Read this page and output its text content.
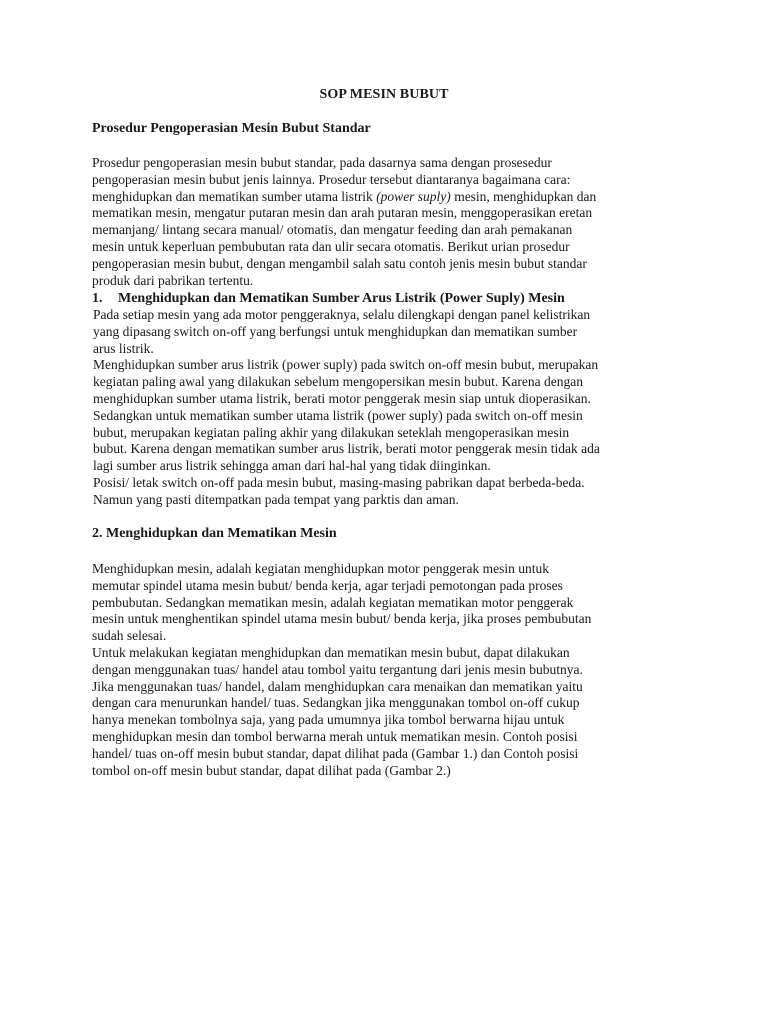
SOP MESIN BUBUT
Prosedur Pengoperasian Mesin Bubut Standar
Prosedur pengoperasian mesin bubut standar, pada dasarnya sama dengan prosesedur
pengoperasian mesin bubut jenis lainnya. Prosedur tersebut diantaranya bagaimana cara:
menghidupkan dan mematikan sumber utama listrik (power suply) mesin, menghidupkan dan
mematikan mesin, mengatur putaran mesin dan arah putaran mesin, menggoperasikan eretan
memanjang/ lintang secara manual/ otomatis, dan mengatur feeding dan arah pemakanan
mesin untuk keperluan pembubutan rata dan ulir secara otomatis. Berikut urian prosedur
pengoperasian mesin bubut, dengan mengambil salah satu contoh jenis mesin bubut standar
produk dari pabrikan tertentu.
1. Menghidupkan dan Mematikan Sumber Arus Listrik (Power Suply) Mesin
Pada setiap mesin yang ada motor penggeraknya, selalu dilengkapi dengan panel kelistrikan
yang dipasang switch on-off yang berfungsi untuk menghidupkan dan mematikan sumber
arus listrik.
Menghidupkan sumber arus listrik (power suply) pada switch on-off mesin bubut, merupakan
kegiatan paling awal yang dilakukan sebelum mengopersikan mesin bubut. Karena dengan
menghidupkan sumber utama listrik, berati motor penggerak mesin siap untuk dioperasikan.
Sedangkan untuk mematikan sumber utama listrik (power suply) pada switch on-off mesin
bubut, merupakan kegiatan paling akhir yang dilakukan seteklah mengoperasikan mesin
bubut. Karena dengan mematikan sumber arus listrik, berati motor penggerak mesin tidak ada
lagi sumber arus listrik sehingga aman dari hal-hal yang tidak diinginkan.
Posisi/ letak switch on-off pada mesin bubut, masing-masing pabrikan dapat berbeda-beda.
Namun yang pasti ditempatkan pada tempat yang parktis dan aman.
2. Menghidupkan dan Mematikan Mesin
Menghidupkan mesin, adalah kegiatan menghidupkan motor penggerak mesin untuk
memutar spindel utama mesin bubut/ benda kerja, agar terjadi pemotongan pada proses
pembubutan. Sedangkan mematikan mesin, adalah kegiatan mematikan motor penggerak
mesin untuk menghentikan spindel utama mesin bubut/ benda kerja, jika proses pembubutan
sudah selesai.
Untuk melakukan kegiatan menghidupkan dan mematikan mesin bubut, dapat dilakukan
dengan menggunakan tuas/ handel atau tombol yaitu tergantung dari jenis mesin bubutnya.
Jika menggunakan tuas/ handel, dalam menghidupkan cara menaikan dan mematikan yaitu
dengan cara menurunkan handel/ tuas. Sedangkan jika menggunakan tombol on-off cukup
hanya menekan tombolnya saja, yang pada umumnya jika tombol berwarna hijau untuk
menghidupkan mesin dan tombol berwarna merah untuk mematikan mesin. Contoh posisi
handel/ tuas on-off mesin bubut standar, dapat dilihat pada (Gambar 1.) dan Contoh posisi
tombol on-off mesin bubut standar, dapat dilihat pada (Gambar 2.)
